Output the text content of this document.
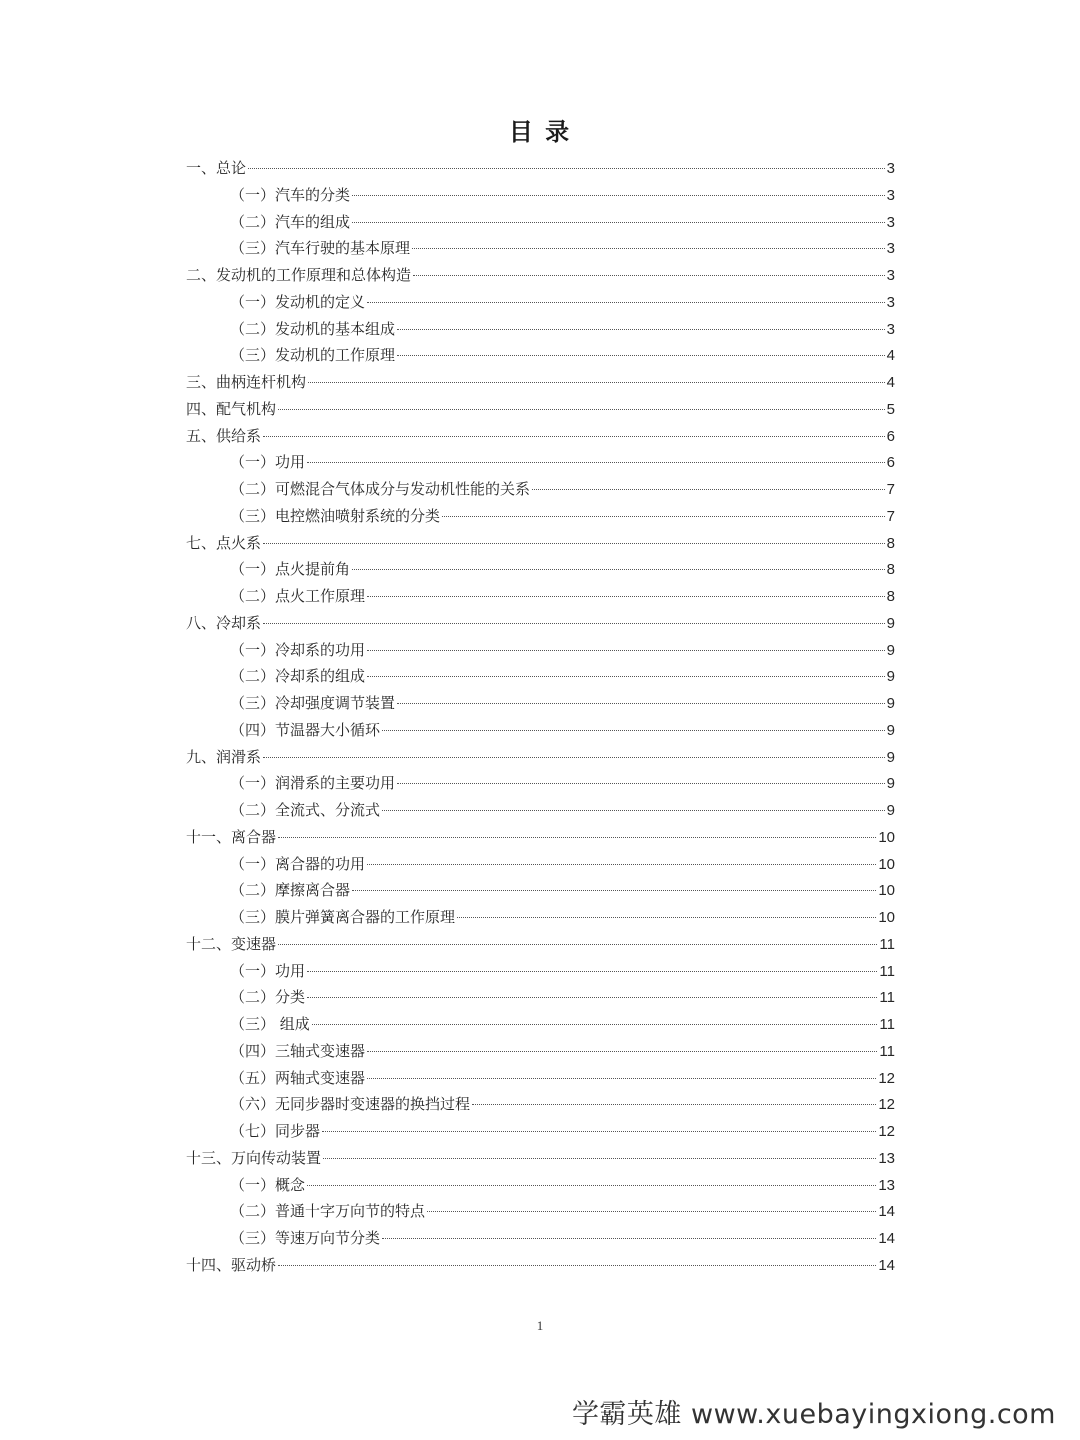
目 录
一、总论	3
（一）汽车的分类	3
（二）汽车的组成	3
（三）汽车行驶的基本原理	3
二、发动机的工作原理和总体构造	3
（一）发动机的定义	3
（二）发动机的基本组成	3
（三）发动机的工作原理	4
三、曲柄连杆机构	4
四、配气机构	5
五、供给系	6
（一）功用	6
（二）可燃混合气体成分与发动机性能的关系	7
（三）电控燃油喷射系统的分类	7
七、点火系	8
（一）点火提前角	8
（二）点火工作原理	8
八、冷却系	9
（一）冷却系的功用	9
（二）冷却系的组成	9
（三）冷却强度调节装置	9
（四）节温器大小循环	9
九、润滑系	9
（一）润滑系的主要功用	9
（二）全流式、分流式	9
十一、离合器	10
（一）离合器的功用	10
（二）摩擦离合器	10
（三）膜片弹簧离合器的工作原理	10
十二、变速器	11
（一）功用	11
（二）分类	11
（三） 组成	11
（四）三轴式变速器	11
（五）两轴式变速器	12
（六）无同步器时变速器的换挡过程	12
（七）同步器	12
十三、万向传动装置	13
（一）概念	13
（二）普通十字万向节的特点	14
（三）等速万向节分类	14
十四、驱动桥	14
1
学霸英雄 www.xuebayingxiong.com
